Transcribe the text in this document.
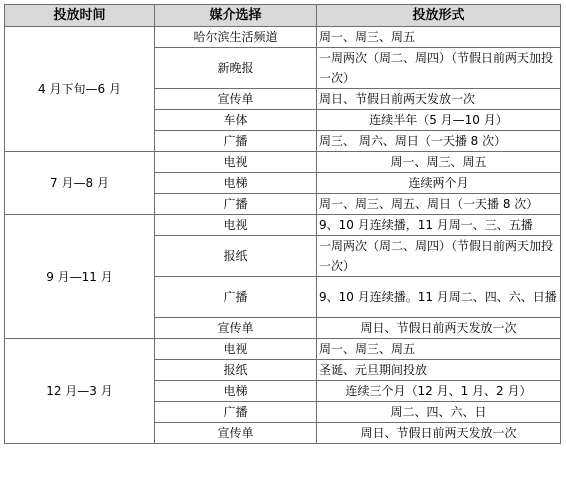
投放时间	媒介选择	投放形式
4 月下旬—6 月	哈尔滨生活频道	周一、周三、周五
	新晚报	一周两次（周二、周四）（节假日前两天加投一次）
	宣传单	周日、节假日前两天发放一次
	车体	连续半年（5 月—10 月）
	广播	周三、 周六、周日（一天播 8 次）
7 月—8 月	电视	周一、周三、周五
	电梯	连续两个月
	广播	周一、周三、周五、周日（一天播 8 次）
9 月—11 月	电视	9、10 月连续播，11 月周一、三、五播
	报纸	一周两次（周二、周四）（节假日前两天加投一次）
	广播	9、10 月连续播。11 月周二、四、六、日播
	宣传单	周日、节假日前两天发放一次
12 月—3 月	电视	周一、周三、周五
	报纸	圣诞、元旦期间投放
	电梯	连续三个月（12 月、1 月、2 月）
	广播	周二、四、六、日
	宣传单	周日、节假日前两天发放一次
